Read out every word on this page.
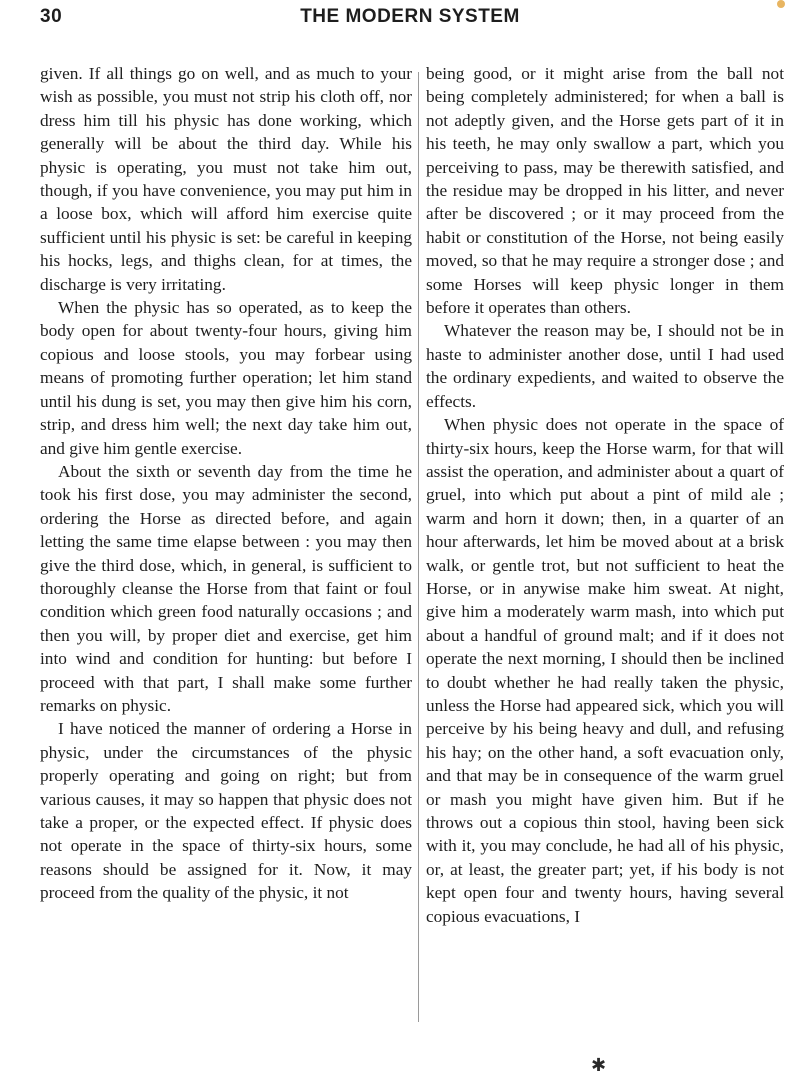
30	THE MODERN SYSTEM

given. If all things go on well, and as much to your wish as possible, you must not strip his cloth off, nor dress him till his physic has done working, which generally will be about the third day. While his physic is operating, you must not take him out, though, if you have convenience, you may put him in a loose box, which will afford him exercise quite sufficient until his physic is set: be careful in keeping his hocks, legs, and thighs clean, for at times, the discharge is very irritating.

When the physic has so operated, as to keep the body open for about twenty-four hours, giving him copious and loose stools, you may forbear using means of promoting further operation; let him stand until his dung is set, you may then give him his corn, strip, and dress him well; the next day take him out, and give him gentle exercise.

About the sixth or seventh day from the time he took his first dose, you may administer the second, ordering the Horse as directed before, and again letting the same time elapse between : you may then give the third dose, which, in general, is sufficient to thoroughly cleanse the Horse from that faint or foul condition which green food naturally occasions ; and then you will, by proper diet and exercise, get him into wind and condition for hunting: but before I proceed with that part, I shall make some further remarks on physic.

I have noticed the manner of ordering a Horse in physic, under the circumstances of the physic properly operating and going on right; but from various causes, it may so happen that physic does not take a proper, or the expected effect. If physic does not operate in the space of thirty-six hours, some reasons should be assigned for it. Now, it may proceed from the quality of the physic, it not

being good, or it might arise from the ball not being completely administered; for when a ball is not adeptly given, and the Horse gets part of it in his teeth, he may only swallow a part, which you perceiving to pass, may be therewith satisfied, and the residue may be dropped in his litter, and never after be discovered ; or it may proceed from the habit or constitution of the Horse, not being easily moved, so that he may require a stronger dose ; and some Horses will keep physic longer in them before it operates than others.

Whatever the reason may be, I should not be in haste to administer another dose, until I had used the ordinary expedients, and waited to observe the effects.

When physic does not operate in the space of thirty-six hours, keep the Horse warm, for that will assist the operation, and administer about a quart of gruel, into which put about a pint of mild ale ; warm and horn it down; then, in a quarter of an hour afterwards, let him be moved about at a brisk walk, or gentle trot, but not sufficient to heat the Horse, or in anywise make him sweat. At night, give him a moderately warm mash, into which put about a handful of ground malt; and if it does not operate the next morning, I should then be inclined to doubt whether he had really taken the physic, unless the Horse had appeared sick, which you will perceive by his being heavy and dull, and refusing his hay; on the other hand, a soft evacuation only, and that may be in consequence of the warm gruel or mash you might have given him. But if he throws out a copious thin stool, having been sick with it, you may conclude, he had all of his physic, or, at least, the greater part; yet, if his body is not kept open four and twenty hours, having several copious evacuations, I

✱
